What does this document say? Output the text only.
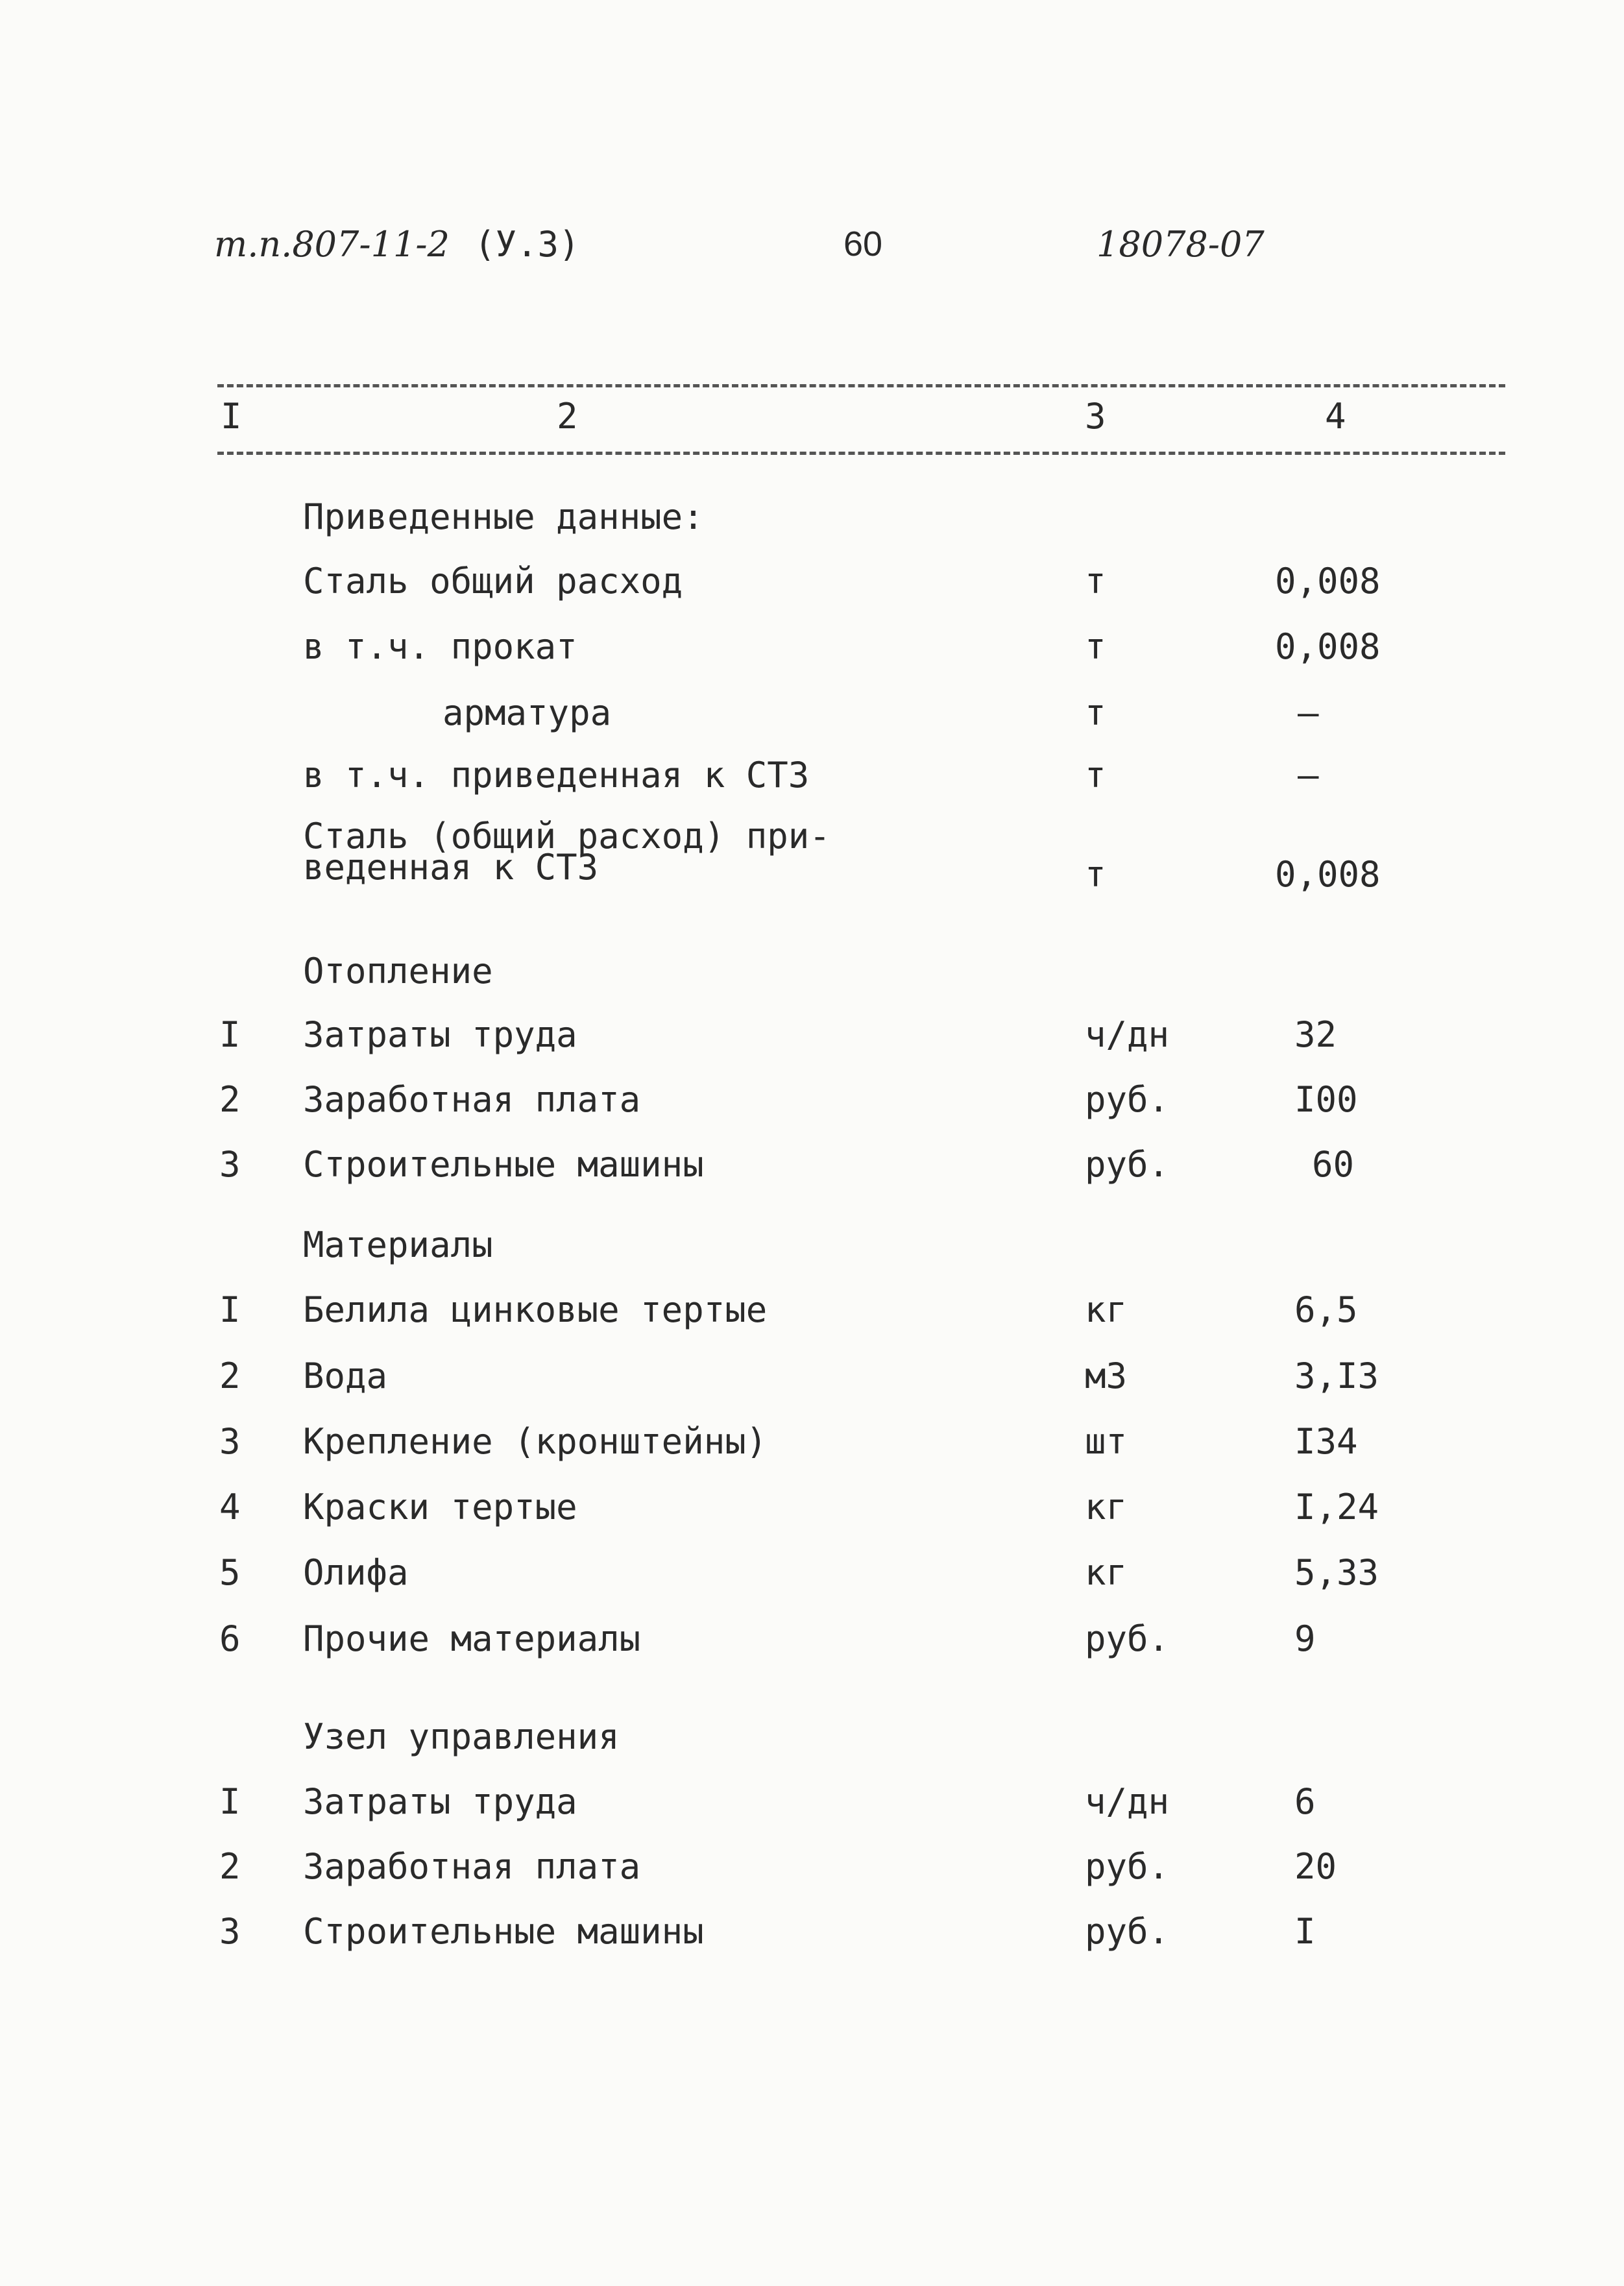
т.п.807-11-2 (У.3)	60	18078-07
I	2	3	4
Приведенные данные:
Сталь общий расход	т	0,008
в т.ч. прокат	т	0,008
арматура	т	–
в т.ч. приведенная к СТ3	т	–
Сталь (общий расход) при-
веденная к СТ3	т	0,008
Отопление
I Затраты труда	ч/дн	32
2 Заработная плата	руб.	I00
3 Строительные машины	руб.	60
Материалы
I Белила цинковые тертые	кг	6,5
2 Вода	м3	3,I3
3 Крепление (кронштейны)	шт	I34
4 Краски тертые	кг	I,24
5 Олифа	кг	5,33
6 Прочие материалы	руб.	9
Узел управления
I Затраты труда	ч/дн	6
2 Заработная плата	руб.	20
3 Строительные машины	руб.	I
